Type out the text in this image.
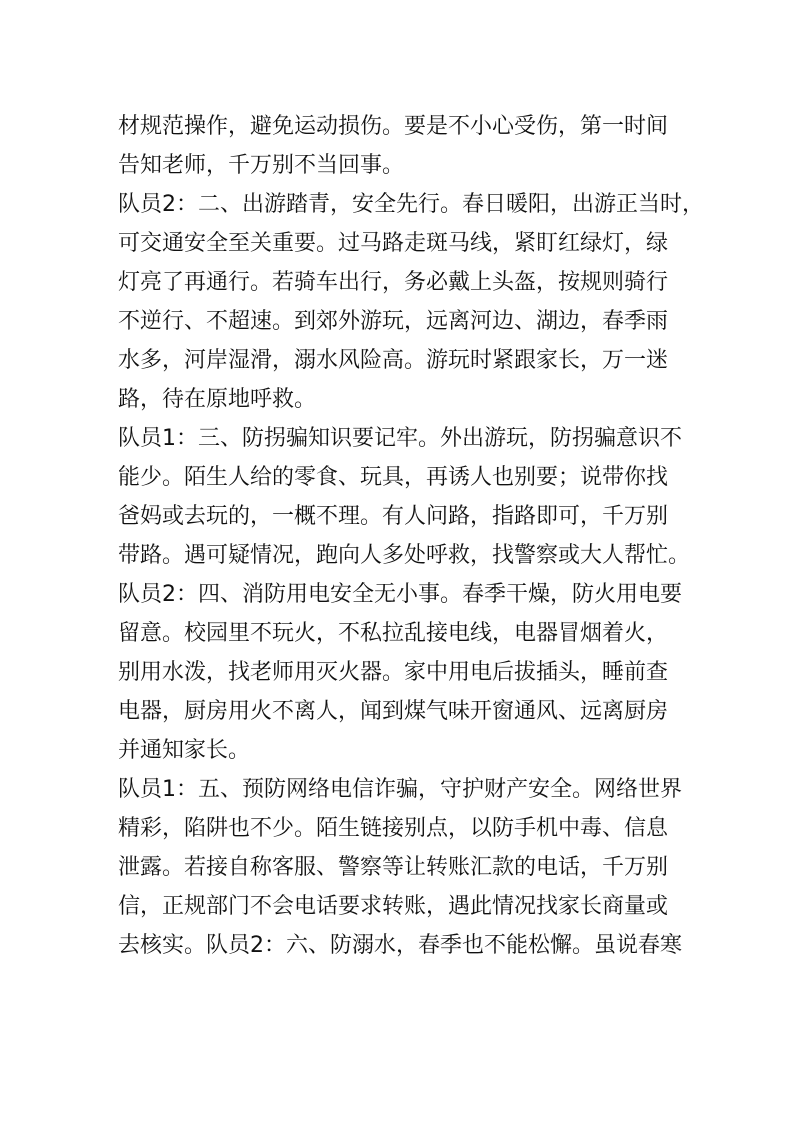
材规范操作，避免运动损伤。要是不小心受伤，第一时间
告知老师，千万别不当回事。
队员2：二、出游踏青，安全先行。春日暖阳，出游正当时，
可交通安全至关重要。过马路走斑马线，紧盯红绿灯，绿
灯亮了再通行。若骑车出行，务必戴上头盔，按规则骑行
不逆行、不超速。到郊外游玩，远离河边、湖边，春季雨
水多，河岸湿滑，溺水风险高。游玩时紧跟家长，万一迷
路，待在原地呼救。
队员1：三、防拐骗知识要记牢。外出游玩，防拐骗意识不
能少。陌生人给的零食、玩具，再诱人也别要；说带你找
爸妈或去玩的，一概不理。有人问路，指路即可，千万别
带路。遇可疑情况，跑向人多处呼救，找警察或大人帮忙。
队员2：四、消防用电安全无小事。春季干燥，防火用电要
留意。校园里不玩火，不私拉乱接电线，电器冒烟着火，
别用水泼，找老师用灭火器。家中用电后拔插头，睡前查
电器，厨房用火不离人，闻到煤气味开窗通风、远离厨房
并通知家长。
队员1：五、预防网络电信诈骗，守护财产安全。网络世界
精彩，陷阱也不少。陌生链接别点，以防手机中毒、信息
泄露。若接自称客服、警察等让转账汇款的电话，千万别
信，正规部门不会电话要求转账，遇此情况找家长商量或
去核实。队员2：六、防溺水，春季也不能松懈。虽说春寒
